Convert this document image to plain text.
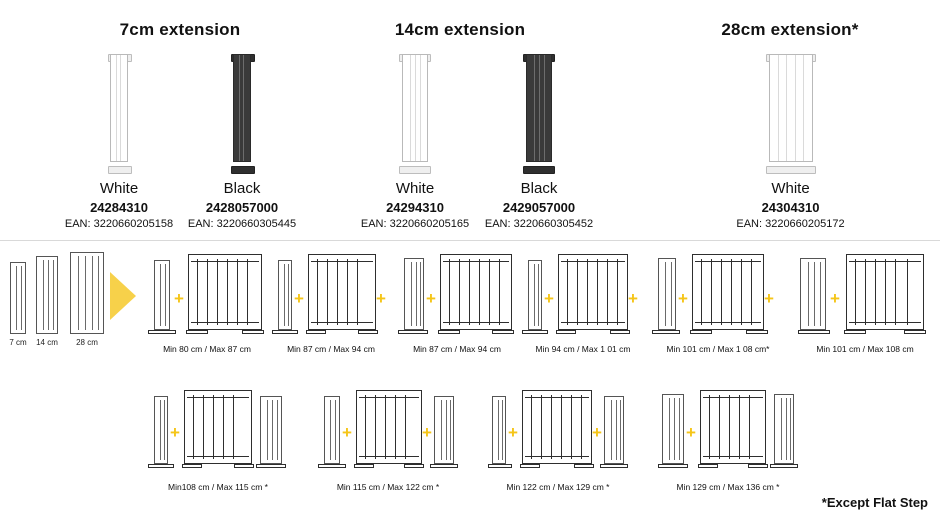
7cm extension	14cm extension	28cm extension*
White
24284310
EAN: 3220660205158
Black
2428057000
EAN: 3220660305445
White
24294310
EAN: 3220660205165
Black
2429057000
EAN: 3220660305452
White
24304310
EAN: 3220660205172
7 cm 14 cm	28 cm
+
Min 80 cm / Max 87 cm
+	+
Min 87 cm / Max 94 cm
+
Min 87 cm / Max 94 cm
+	+
Min 94 cm / Max 1 01 cm
+	+
Min 101 cm / Max 1 08 cm*
+
Min 101 cm / Max 108 cm
+
Min108 cm / Max 115 cm *
+	+
Min 115 cm / Max 122 cm *
+	+
Min 122 cm / Max 129 cm *
+
Min 129 cm / Max 136 cm *
*Except Flat Step
